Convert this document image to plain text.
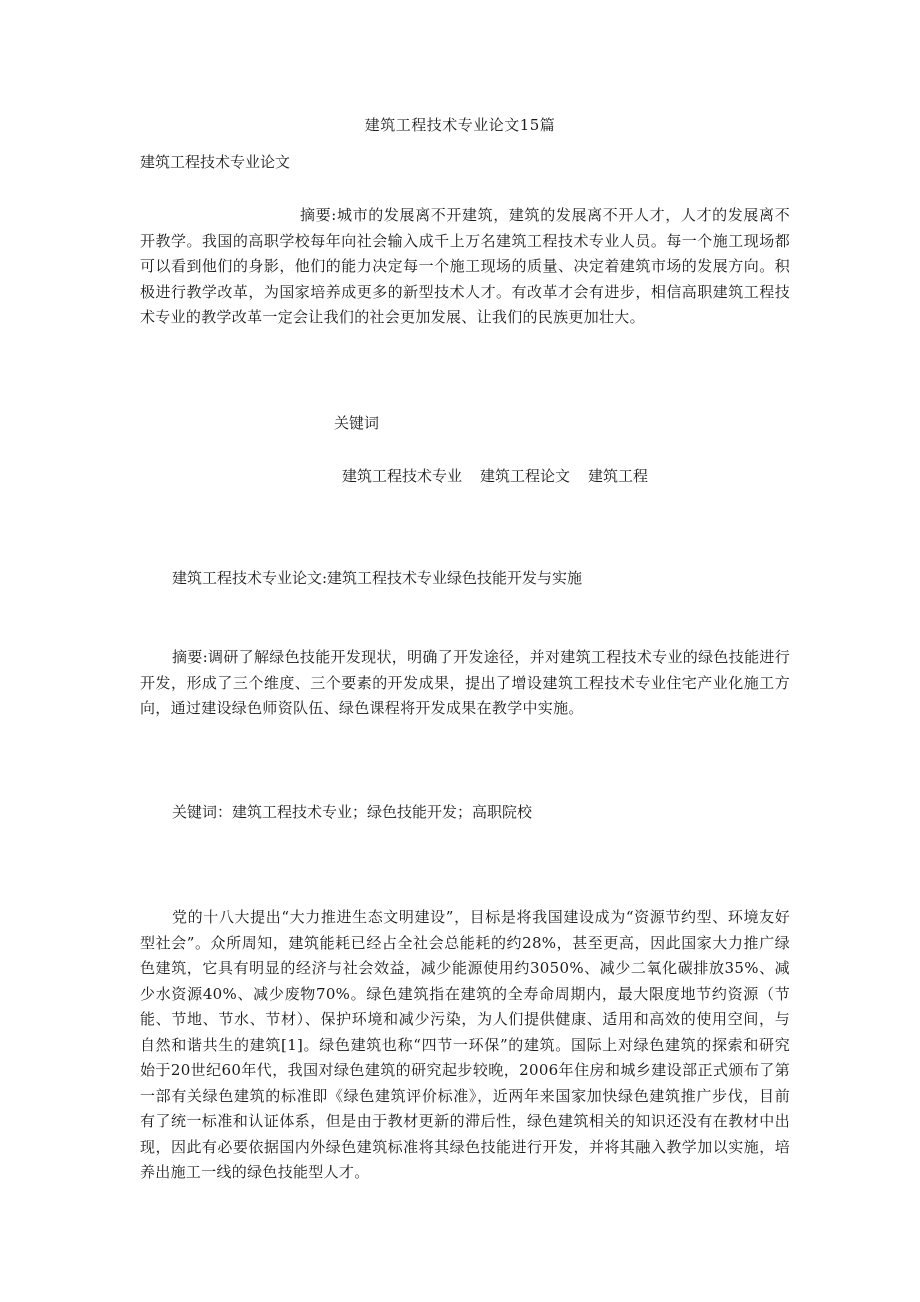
建筑工程技术专业论文15篇
建筑工程技术专业论文
摘要:城市的发展离不开建筑，建筑的发展离不开人才，人才的发展离不开教学。我国的高职学校每年向社会输入成千上万名建筑工程技术专业人员。每一个施工现场都可以看到他们的身影，他们的能力决定每一个施工现场的质量、决定着建筑市场的发展方向。积极进行教学改革，为国家培养成更多的新型技术人才。有改革才会有进步，相信高职建筑工程技术专业的教学改革一定会让我们的社会更加发展、让我们的民族更加壮大。
关键词
建筑工程技术专业 建筑工程论文 建筑工程
建筑工程技术专业论文:建筑工程技术专业绿色技能开发与实施
摘要:调研了解绿色技能开发现状，明确了开发途径，并对建筑工程技术专业的绿色技能进行开发，形成了三个维度、三个要素的开发成果，提出了增设建筑工程技术专业住宅产业化施工方向，通过建设绿色师资队伍、绿色课程将开发成果在教学中实施。
关键词：建筑工程技术专业；绿色技能开发；高职院校
党的十八大提出“大力推进生态文明建设”，目标是将我国建设成为“资源节约型、环境友好型社会”。众所周知，建筑能耗已经占全社会总能耗的约28%，甚至更高，因此国家大力推广绿色建筑，它具有明显的经济与社会效益，减少能源使用约3050%、减少二氧化碳排放35%、减少水资源40%、减少废物70%。绿色建筑指在建筑的全寿命周期内，最大限度地节约资源（节能、节地、节水、节材）、保护环境和减少污染，为人们提供健康、适用和高效的使用空间，与自然和谐共生的建筑[1]。绿色建筑也称“四节一环保”的建筑。国际上对绿色建筑的探索和研究始于20世纪60年代，我国对绿色建筑的研究起步较晚，2006年住房和城乡建设部正式颁布了第一部有关绿色建筑的标准即《绿色建筑评价标准》，近两年来国家加快绿色建筑推广步伐，目前有了统一标准和认证体系，但是由于教材更新的滞后性，绿色建筑相关的知识还没有在教材中出现，因此有必要依据国内外绿色建筑标准将其绿色技能进行开发，并将其融入教学加以实施，培养出施工一线的绿色技能型人才。
